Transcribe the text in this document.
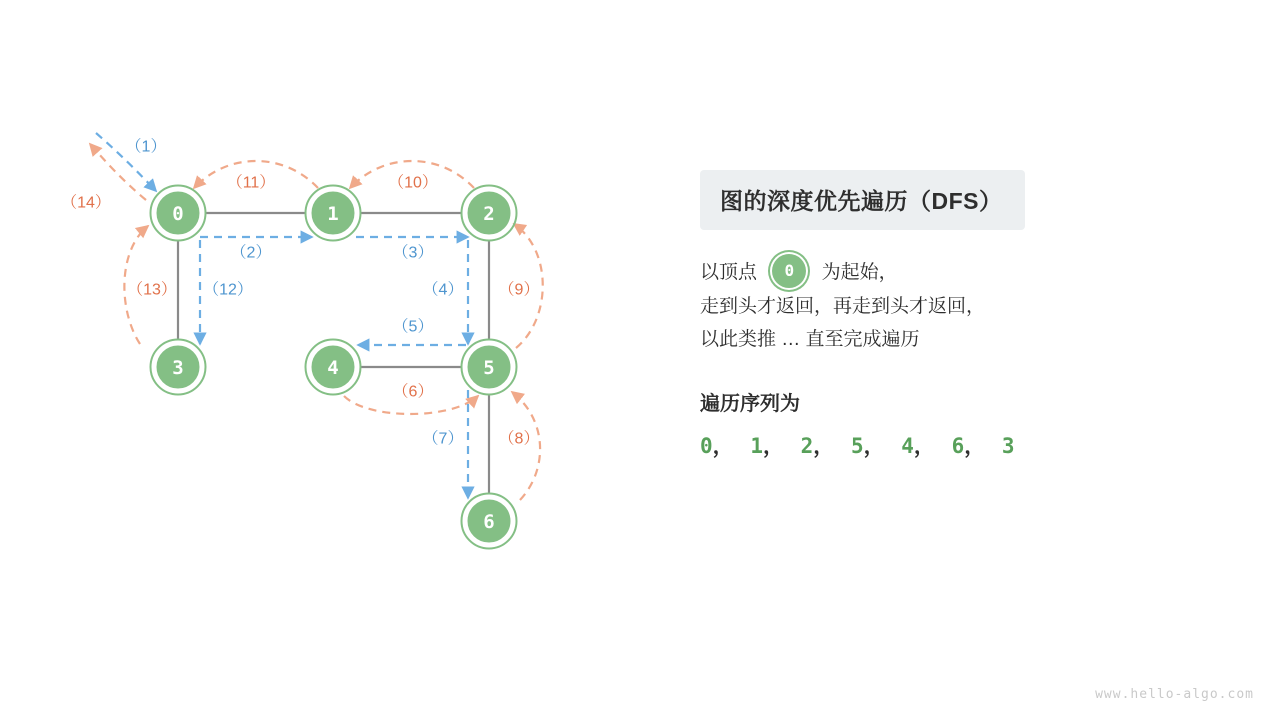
0	1	2
3	4	5
6
（1）
（2）	（3）
（4）
（5）
（6）
（7） （8）
（9）
（10）
（11）
（12）
（13）
（14）	图的深度优先遍历（DFS）
以顶点 0 为起始，
走到头才返回，再走到头才返回，
以此类推 … 直至完成遍历
遍历序列为
0， 1， 2， 5， 4， 6， 3
www.hello-algo.com
